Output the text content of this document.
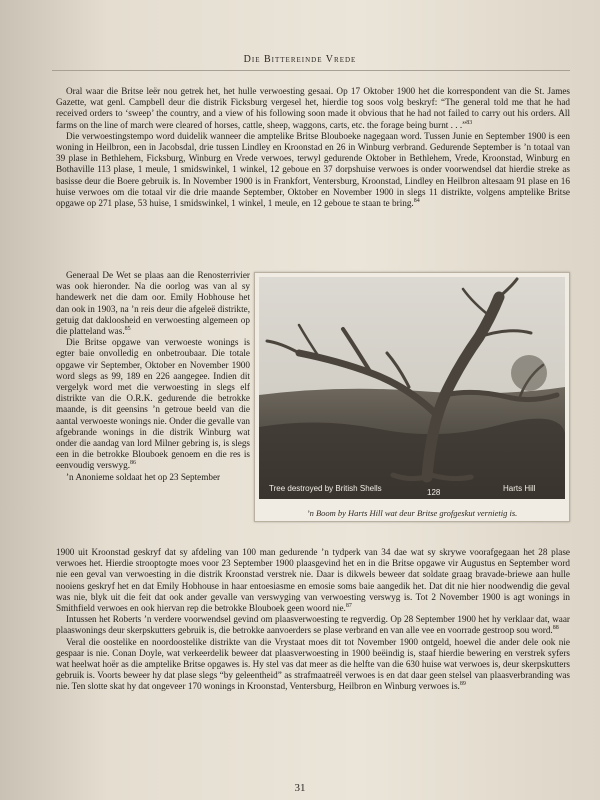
Die Bittereinde Vrede

Oral waar die Britse leër nou getrek het, het hulle verwoesting gesaai. Op 17 Oktober 1900 het die korrespondent van die St. James Gazette, wat genl. Campbell deur die distrik Ficksburg vergesel het, hierdie tog soos volg beskryf: “The general told me that he had received orders to ‘sweep’ the country, and a view of his following soon made it obvious that he had not failed to carry out his orders. All farms on the line of march were cleared of horses, cattle, sheep, waggons, carts, etc. the forage being burnt . . .”$^{83}$

Die verwoestingstempo word duidelik wanneer die amptelike Britse Blouboeke nagegaan word. Tussen Junie en September 1900 is een woning in Heilbron, een in Jacobsdal, drie tussen Lindley en Kroonstad en 26 in Winburg verbrand. Gedurende September is ’n totaal van 39 plase in Bethlehem, Ficksburg, Winburg en Vrede verwoes, terwyl gedurende Oktober in Bethlehem, Vrede, Kroonstad, Winburg en Bothaville 113 plase, 1 meule, 1 smidswinkel, 1 winkel, 12 geboue en 37 dorpshuise verwoes is onder voorwendsel dat hierdie streke as basisse deur die Boere gebruik is. In November 1900 is in Frankfort, Ventersburg, Kroonstad, Lindley en Heilbron altesaam 91 plase en 16 huise verwoes om die totaal vir die drie maande September, Oktober en November 1900 in slegs 11 distrikte, volgens amptelike Britse opgawe op 271 plase, 53 huise, 1 smidswinkel, 1 winkel, 1 meule, en 12 geboue te staan te bring.$^{84}$

Generaal De Wet se plaas aan die Renosterrivier was ook hieronder. Na die oorlog was van al sy handewerk net die dam oor. Emily Hobhouse het dan ook in 1903, na ’n reis deur die afgeleë distrikte, getuig dat dakloosheid en verwoesting algemeen op die platteland was.$^{85}$

Die Britse opgawe van verwoeste wonings is egter baie onvolledig en onbetroubaar. Die totale opgawe vir September, Oktober en November 1900 word slegs as 99, 189 en 226 aangegee. Indien dit vergelyk word met die verwoesting in slegs elf distrikte van die O.R.K. gedurende die betrokke maande, is dit geensins ’n getroue beeld van die aantal verwoeste wonings nie. Onder die gevalle van afgebrande wonings in die distrik Winburg wat onder die aandag van lord Milner gebring is, is slegs een in die betrokke Blouboek genoem en die res is eenvoudig verswyg.$^{86}$

’n Anonieme soldaat het op 23 September

Tree destroyed by British Shells	128	Harts Hill
’n Boom by Harts Hill wat deur Britse grofgeskut vernietig is.

1900 uit Kroonstad geskryf dat sy afdeling van 100 man gedurende ’n tydperk van 34 dae wat sy skrywe voorafgegaan het 28 plase verwoes het. Hierdie strooptogte moes voor 23 September 1900 plaasgevind het en in die Britse opgawe vir Augustus en September word nie een geval van verwoesting in die distrik Kroonstad verstrek nie. Daar is dikwels beweer dat soldate graag bravade-briewe aan hulle nooiens geskryf het en dat Emily Hobhouse in haar entoesiasme en emosie soms baie aangedik het. Dat dit nie hier noodwendig die geval was nie, blyk uit die feit dat ook ander gevalle van verswyging van verwoesting verswyg is. Tot 2 November 1900 is agt wonings in Smithfield verwoes en ook hiervan rep die betrokke Blouboek geen woord nie.$^{87}$

Intussen het Roberts ’n verdere voorwendsel gevind om plaasverwoesting te regverdig. Op 28 September 1900 het hy verklaar dat, waar plaaswonings deur skerpskutters gebruik is, die betrokke aanvoerders se plase verbrand en van alle vee en voorrade gestroop sou word.$^{88}$

Veral die oostelike en noordoostelike distrikte van die Vrystaat moes dit tot November 1900 ontgeld, hoewel die ander dele ook nie gespaar is nie. Conan Doyle, wat verkeerdelik beweer dat plaasverwoesting in 1900 beëindig is, staaf hierdie bewering en verstrek syfers wat heelwat hoër as die amptelike Britse opgawes is. Hy stel vas dat meer as die helfte van die 630 huise wat verwoes is, deur skerpskutters gebruik is. Voorts beweer hy dat plase slegs “by geleentheid” as strafmaatreël verwoes is en dat daar geen stelsel van plaasverbranding was nie. Ten slotte skat hy dat ongeveer 170 wonings in Kroonstad, Ventersburg, Heilbron en Winburg verwoes is.$^{89}$

31
